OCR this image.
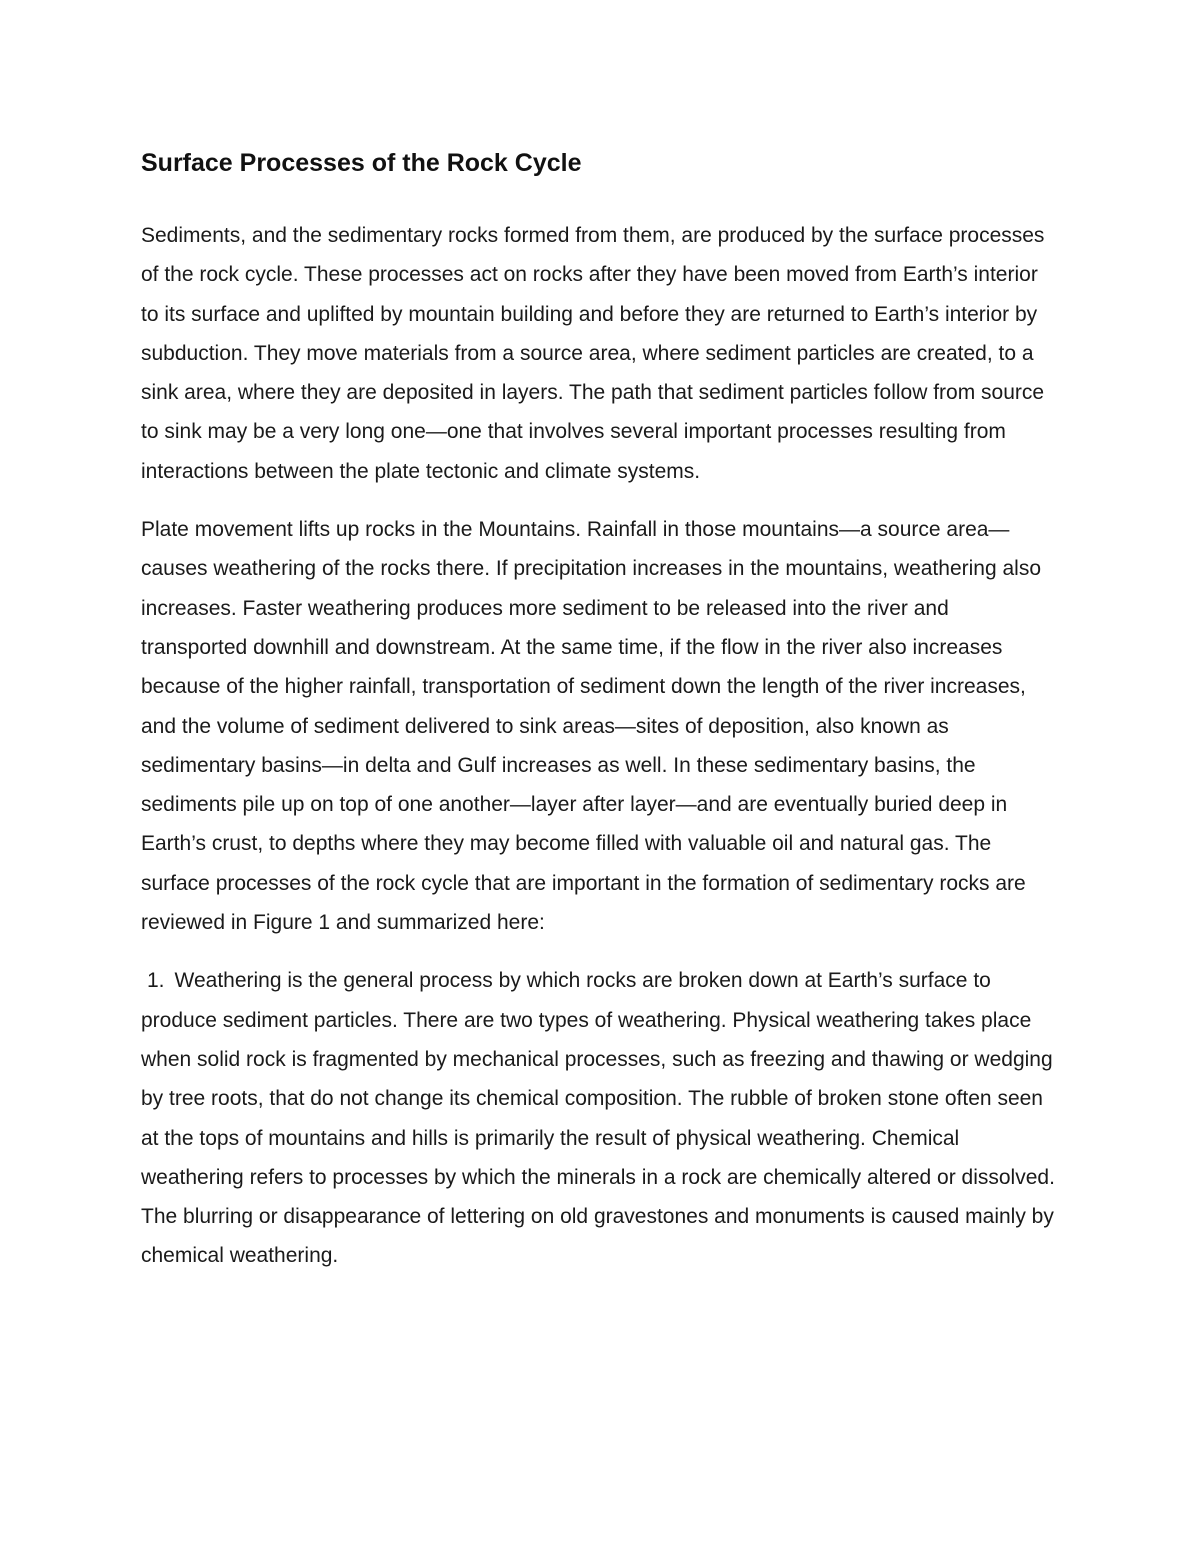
Surface Processes of the Rock Cycle

Sediments, and the sedimentary rocks formed from them, are produced by the surface processes of the rock cycle. These processes act on rocks after they have been moved from Earth’s interior to its surface and uplifted by mountain building and before they are returned to Earth’s interior by subduction. They move materials from a source area, where sediment particles are created, to a sink area, where they are deposited in layers. The path that sediment particles follow from source to sink may be a very long one—one that involves several important processes resulting from interactions between the plate tectonic and climate systems.

Plate movement lifts up rocks in the Mountains. Rainfall in those mountains—a source area—causes weathering of the rocks there. If precipitation increases in the mountains, weathering also increases. Faster weathering produces more sediment to be released into the river and transported downhill and downstream. At the same time, if the flow in the river also increases because of the higher rainfall, transportation of sediment down the length of the river increases, and the volume of sediment delivered to sink areas—sites of deposition, also known as sedimentary basins—in delta and Gulf increases as well. In these sedimentary basins, the sediments pile up on top of one another—layer after layer—and are eventually buried deep in Earth’s crust, to depths where they may become filled with valuable oil and natural gas. The surface processes of the rock cycle that are important in the formation of sedimentary rocks are reviewed in Figure 1 and summarized here:

1. Weathering is the general process by which rocks are broken down at Earth’s surface to produce sediment particles. There are two types of weathering. Physical weathering takes place when solid rock is fragmented by mechanical processes, such as freezing and thawing or wedging by tree roots, that do not change its chemical composition. The rubble of broken stone often seen at the tops of mountains and hills is primarily the result of physical weathering. Chemical weathering refers to processes by which the minerals in a rock are chemically altered or dissolved. The blurring or disappearance of lettering on old gravestones and monuments is caused mainly by chemical weathering.
